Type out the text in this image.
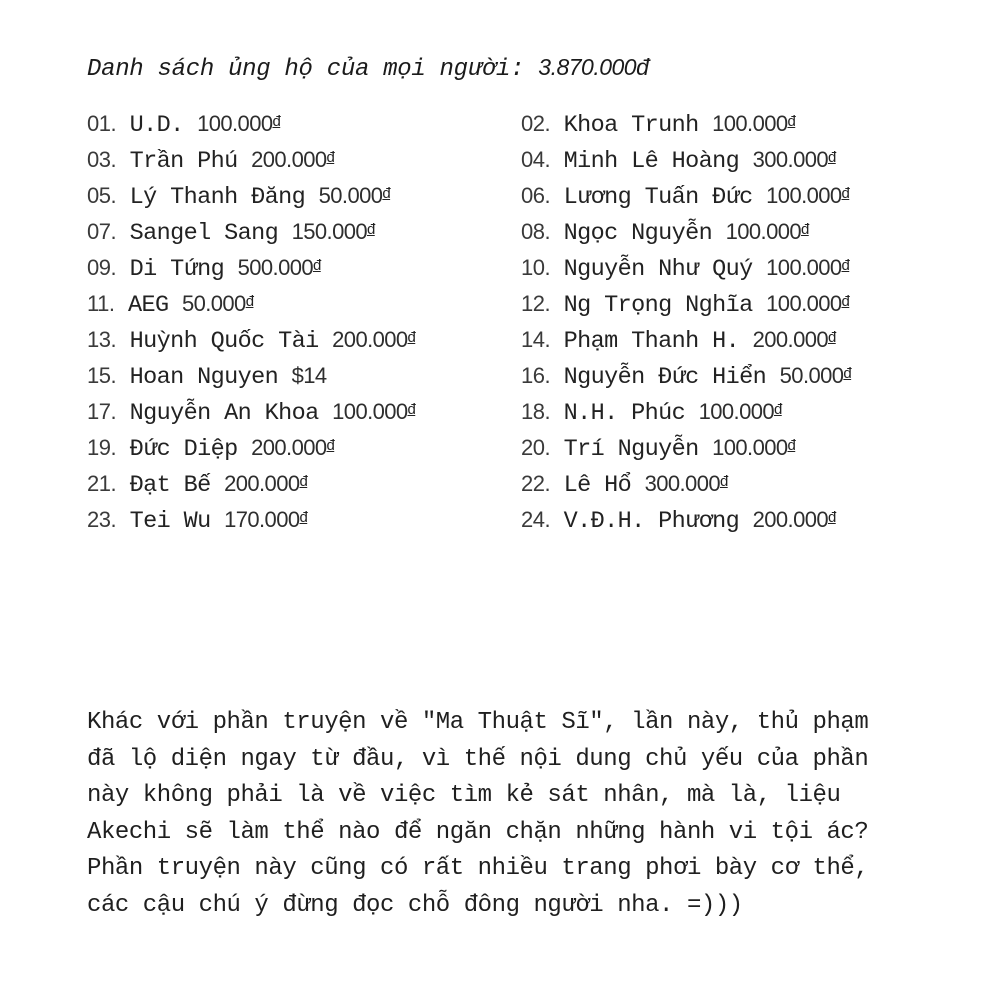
Danh sách ủng hộ của mọi người: 3.870.000đ
01. U.D. $100.000^đ$	02. Khoa Trunh $100.000^đ$
03. Trần Phú $200.000^đ$	04. Minh Lê Hoàng $300.000^đ$
05. Lý Thanh Đăng $50.000^đ$	06. Lương Tuấn Đức $100.000^đ$
07. Sangel Sang $150.000^đ$	08. Ngọc Nguyễn $100.000^đ$
09. Di Tứng $500.000^đ$	10. Nguyễn Như Quý $100.000^đ$
11. AEG $50.000^đ$	12. Ng Trọng Nghĩa $100.000^đ$
13. Huỳnh Quốc Tài $200.000^đ$	14. Phạm Thanh H. $200.000^đ$
15. Hoan Nguyen $14	16. Nguyễn Đức Hiển $50.000^đ$
17. Nguyễn An Khoa $100.000^đ$	18. N.H. Phúc $100.000^đ$
19. Đức Diệp $200.000^đ$	20. Trí Nguyễn $100.000^đ$
21. Đạt Bế $200.000^đ$	22. Lê Hổ $300.000^đ$
23. Tei Wu $170.000^đ$	24. V.Đ.H. Phương $200.000^đ$
Khác với phần truyện về "Ma Thuật Sĩ", lần này, thủ phạm
đã lộ diện ngay từ đầu, vì thế nội dung chủ yếu của phần
này không phải là về việc tìm kẻ sát nhân, mà là, liệu
Akechi sẽ làm thể nào để ngăn chặn những hành vi tội ác?
Phần truyện này cũng có rất nhiều trang phơi bày cơ thể,
các cậu chú ý đừng đọc chỗ đông người nha. =)))
